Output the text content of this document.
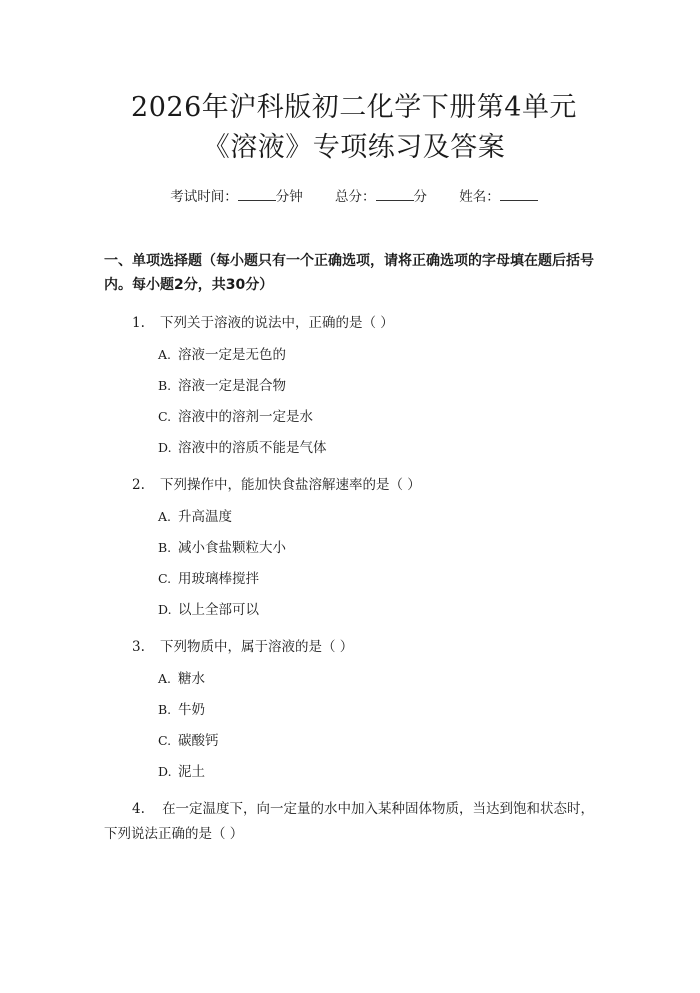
2026年沪科版初二化学下册第4单元《溶液》专项练习及答案
考试时间：	分钟 总分：	分 姓名：
一、单项选择题（每小题只有一个正确选项，请将正确选项的字母填在题后括号内。每小题2分，共30分）
1.	下列关于溶液的说法中，正确的是（ ）
A. 溶液一定是无色的
B. 溶液一定是混合物
C. 溶液中的溶剂一定是水
D. 溶液中的溶质不能是气体
2.	下列操作中，能加快食盐溶解速率的是（ ）
A. 升高温度
B. 减小食盐颗粒大小
C. 用玻璃棒搅拌
D. 以上全部可以
3.	下列物质中，属于溶液的是（ ）
A. 糖水
B. 牛奶
C. 碳酸钙
D. 泥土
4. 在一定温度下，向一定量的水中加入某种固体物质，当达到饱和状态时，下列说法正确的是（ ）
